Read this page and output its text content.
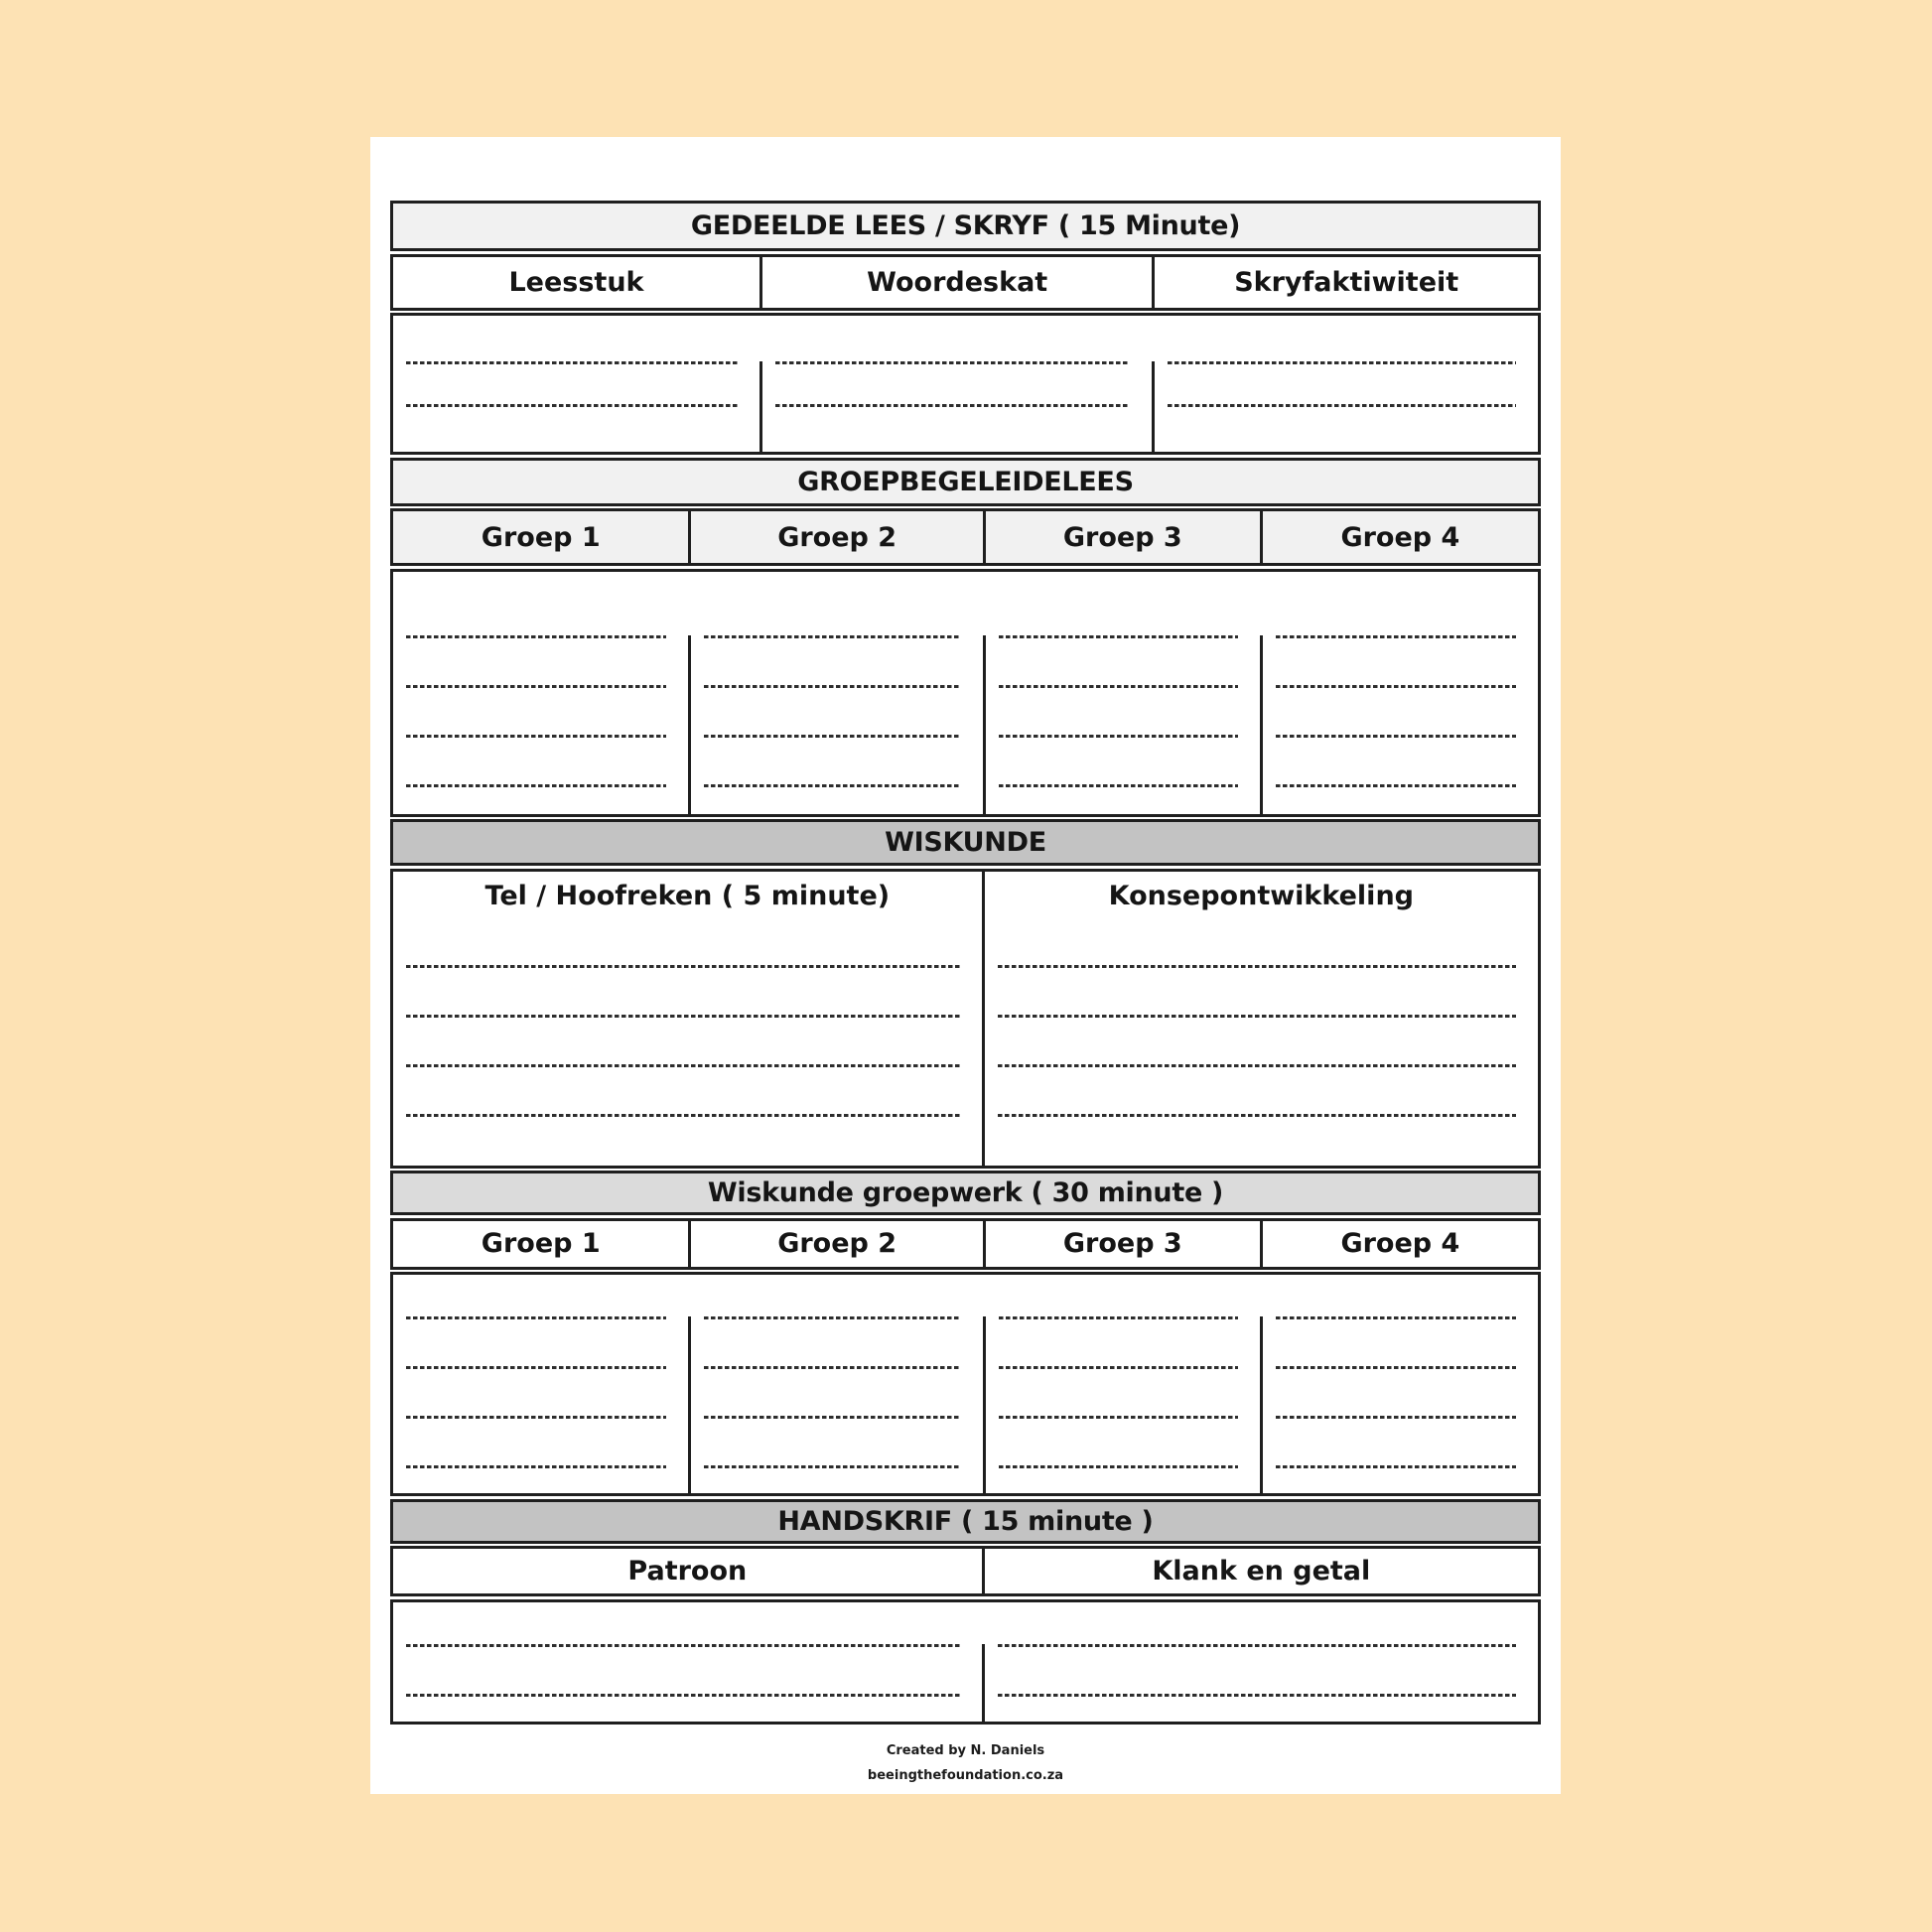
GEDEELDE LEES / SKRYF ( 15 Minute)
Leesstuk	Woordeskat	Skryfaktiwiteit
GROEPBEGELEIDELEES
Groep 1	Groep 2	Groep 3	Groep 4
WISKUNDE
Tel / Hoofreken ( 5 minute)	Konsepontwikkeling
Wiskunde groepwerk ( 30 minute )
Groep 1	Groep 2	Groep 3	Groep 4
HANDSKRIF ( 15 minute )
Patroon	Klank en getal
Created by N. Daniels
beeingthefoundation.co.za
